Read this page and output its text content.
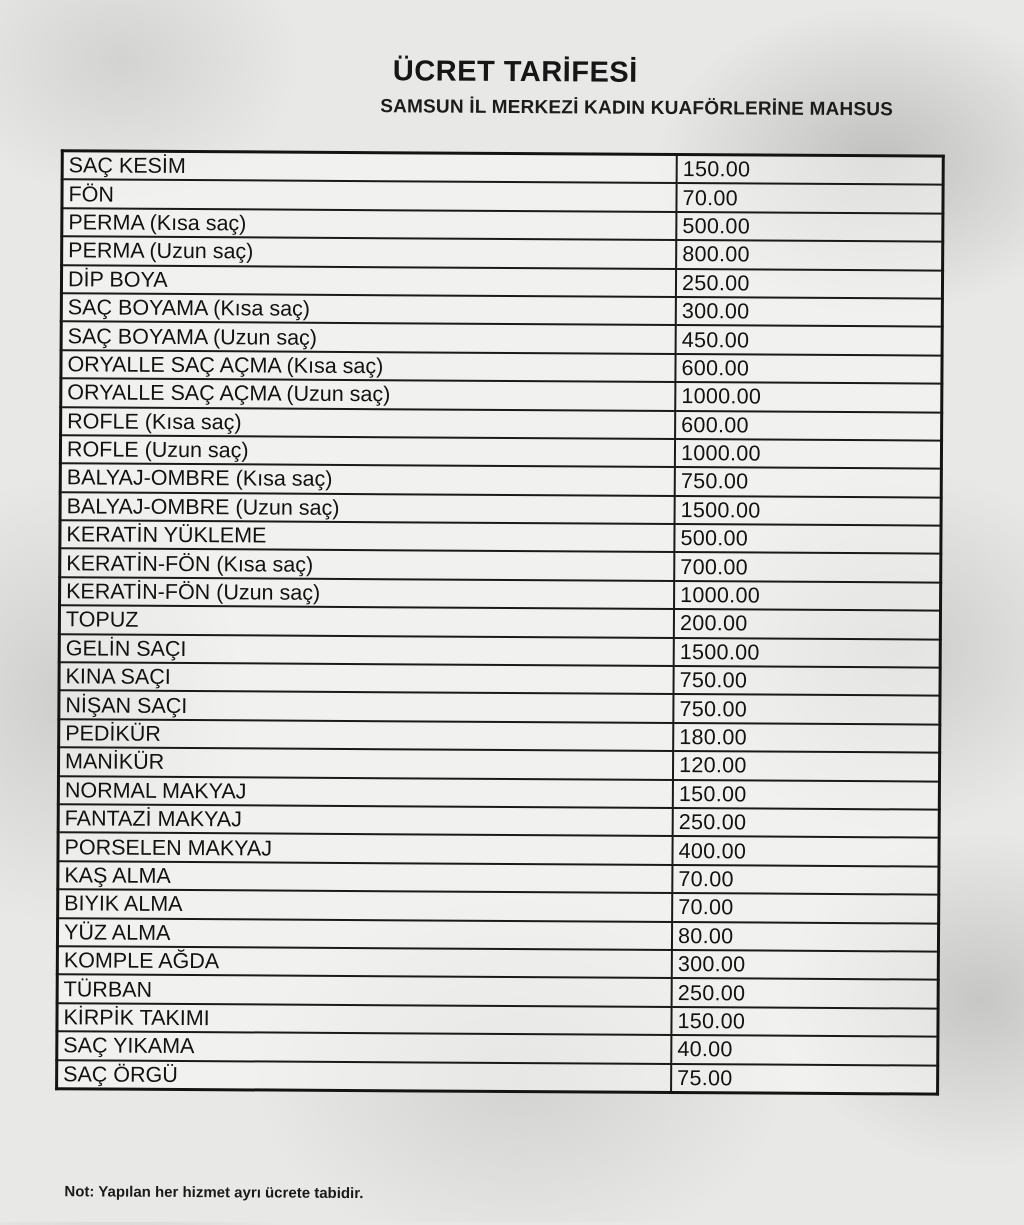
ÜCRET TARİFESİ
SAMSUN İL MERKEZİ KADIN KUAFÖRLERİNE MAHSUS
SAÇ KESİM	150.00
FÖN	70.00
PERMA (Kısa saç)	500.00
PERMA (Uzun saç)	800.00
DİP BOYA	250.00
SAÇ BOYAMA (Kısa saç)	300.00
SAÇ BOYAMA (Uzun saç)	450.00
ORYALLE SAÇ AÇMA (Kısa saç)	600.00
ORYALLE SAÇ AÇMA (Uzun saç)	1000.00
ROFLE (Kısa saç)	600.00
ROFLE (Uzun saç)	1000.00
BALYAJ-OMBRE (Kısa saç)	750.00
BALYAJ-OMBRE (Uzun saç)	1500.00
KERATİN YÜKLEME	500.00
KERATİN-FÖN (Kısa saç)	700.00
KERATİN-FÖN (Uzun saç)	1000.00
TOPUZ	200.00
GELİN SAÇI	1500.00
KINA SAÇI	750.00
NİŞAN SAÇI	750.00
PEDİKÜR	180.00
MANİKÜR	120.00
NORMAL MAKYAJ	150.00
FANTAZİ MAKYAJ	250.00
PORSELEN MAKYAJ	400.00
KAŞ ALMA	70.00
BIYIK ALMA	70.00
YÜZ ALMA	80.00
KOMPLE AĞDA	300.00
TÜRBAN	250.00
KİRPİK TAKIMI	150.00
SAÇ YIKAMA	40.00
SAÇ ÖRGÜ	75.00

Not: Yapılan her hizmet ayrı ücrete tabidir.
